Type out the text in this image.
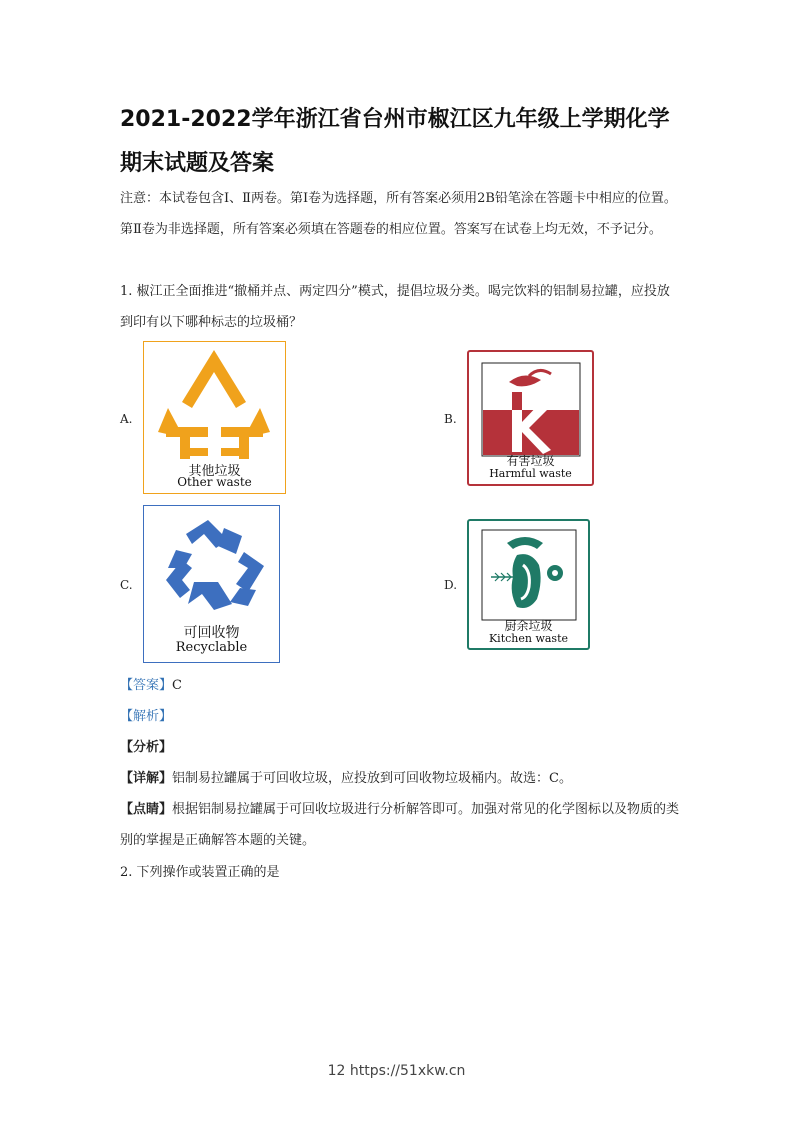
2021-2022学年浙江省台州市椒江区九年级上学期化学期末试题及答案
注意：本试卷包含Ⅰ、Ⅱ两卷。第Ⅰ卷为选择题，所有答案必须用2B铅笔涂在答题卡中相应的位置。第Ⅱ卷为非选择题，所有答案必须填在答题卷的相应位置。答案写在试卷上均无效，不予记分。
1. 椒江正全面推进“撤桶并点、两定四分”模式，提倡垃圾分类。喝完饮料的铝制易拉罐，应投放到印有以下哪种标志的垃圾桶？
A.
其他垃圾
Other waste
B.
有害垃圾
Harmful waste
C.
可回收物
Recyclable
D.
厨余垃圾
Kitchen waste
【答案】C
【解析】
【分析】
【详解】铝制易拉罐属于可回收垃圾，应投放到可回收物垃圾桶内。故选：C。
【点睛】根据铝制易拉罐属于可回收垃圾进行分析解答即可。加强对常见的化学图标以及物质的类别的掌握是正确解答本题的关键。
2. 下列操作或装置正确的是
12 https://51xkw.cn
